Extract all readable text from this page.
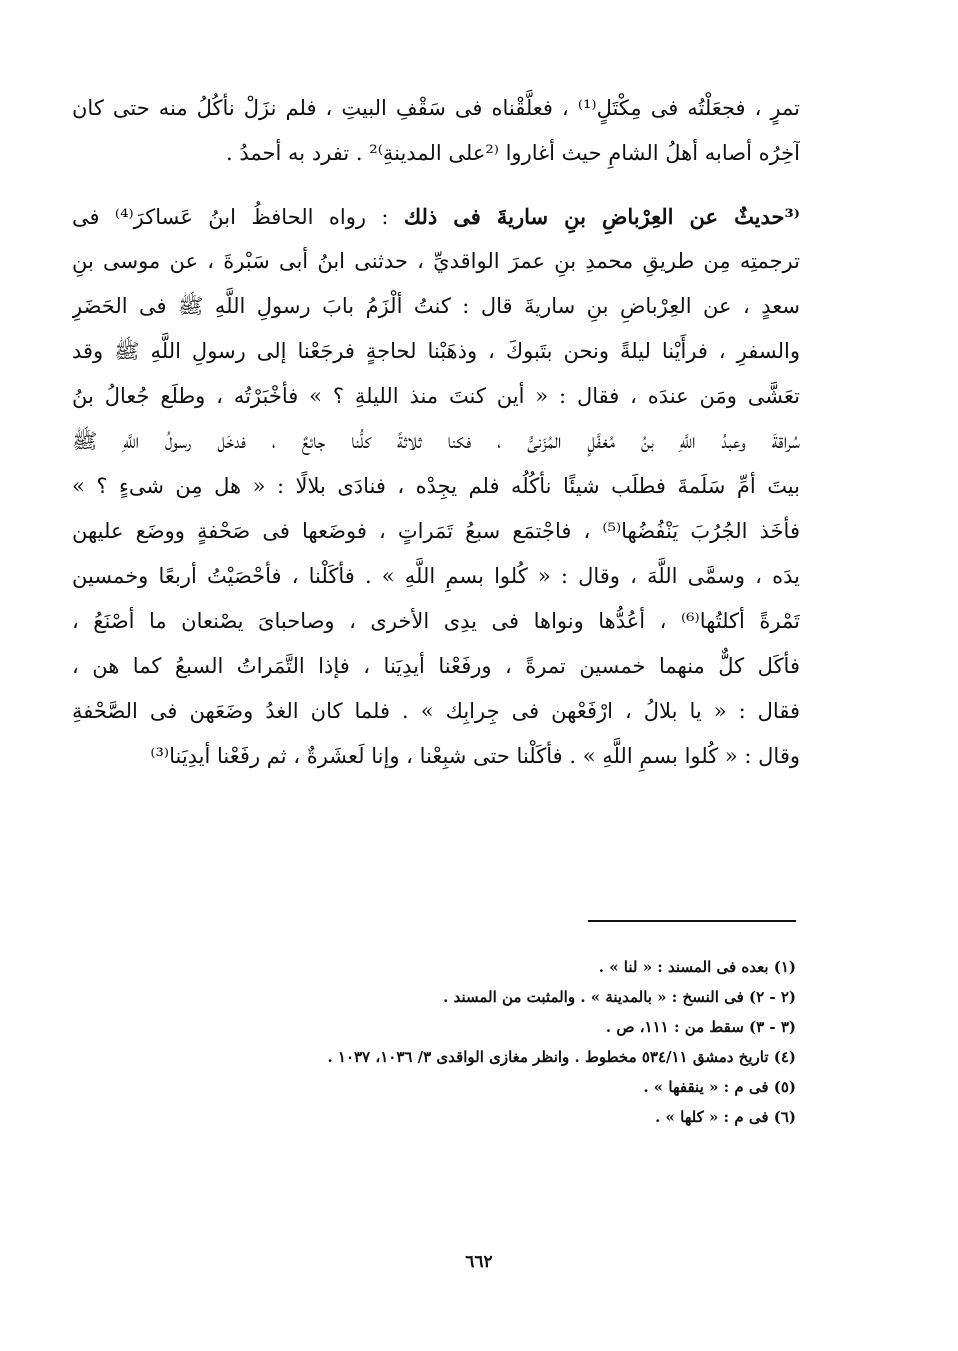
تمرٍ ، فجعَلْتُه فى مِكْتَلٍ⁽¹⁾ ، فعلَّقْناه فى سَقْفِ البيتِ ، فلم نزَلْ نأكُلُ منه حتى كان
آخِرُه أصابه أهلُ الشامِ حيث أغاروا ⁽²على المدينةِ⁾² . تفرد به أحمدُ .
⁽³حديثٌ عن العِرْباضِ بنِ ساريةَ فى ذلك : رواه الحافظُ ابنُ عَساكرَ⁽⁴⁾ فى
ترجمتِه مِن طريقِ محمدِ بنِ عمرَ الواقديِّ ، حدثنى ابنُ أبى سَبْرةَ ، عن موسى بنِ
سعدٍ ، عن العِرْباضِ بنِ ساريةَ قال : كنتُ ألْزَمُ بابَ رسولِ اللَّهِ ﷺ فى الحَضَرِ
والسفرِ ، فرأَيْنا ليلةً ونحن بتَبوكَ ، وذهَبْنا لحاجةٍ فرجَعْنا إلى رسولِ اللَّهِ ﷺ وقد
تعَشَّى ومَن عندَه ، فقال : « أين كنتَ منذ الليلةِ ؟ » فأخْبَرْتُه ، وطلَع جُعالُ بنُ
سُراقةَ وعبدُ اللَّهِ بنُ مُغفَّلٍ المُزَنىُّ ، فكنا ثلاثةً كلُّنا جائعٌ ، فدخَل رسولُ اللَّهِ ﷺ
بيتَ أمِّ سَلَمةَ فطلَب شيئًا نأكُلُه فلم يجِدْه ، فنادَى بلالًا : « هل مِن شىءٍ ؟ »
فأخَذ الجُرُبَ يَنْفُضُها⁽⁵⁾ ، فاجْتمَع سبعُ تَمَراتٍ ، فوضَعها فى صَحْفةٍ ووضَع عليهن
يدَه ، وسمَّى اللَّهَ ، وقال : « كُلوا بسمِ اللَّهِ » . فأكَلْنا ، فأحْصَيْتُ أربعًا وخمسين
تَمْرةً أكلتُها⁽⁶⁾ ، أعُدُّها ونواها فى يدِى الأخرى ، وصاحباىَ يصْنعان ما أصْنَعُ ،
فأكَل كلٌّ منهما خمسين تمرةً ، ورفَعْنا أيدِيَنا ، فإذا التَّمَراتُ السبعُ كما هن ،
فقال : « يا بلالُ ، ارْفَعْهن فى جِرابِك » . فلما كان الغدُ وضَعَهن فى الصَّحْفةِ
وقال : « كُلوا بسمِ اللَّهِ » . فأكَلْنا حتى شبِعْنا ، وإنا لَعشَرةٌ ، ثم رفَعْنا أيدِيَنا⁽³⁾
(١) بعده فى المسند : « لنا » .
(٢ - ٢) فى النسخ : « بالمدينة » . والمثبت من المسند .
(٣ - ٣) سقط من : ١١١، ص .
(٤) تاريخ دمشق ٥٣٤/١١ مخطوط . وانظر مغازى الواقدى ٣/ ١٠٣٦، ١٠٣٧ .
(٥) فى م : « ينقفها » .
(٦) فى م : « كلها » .
٦٦٢
